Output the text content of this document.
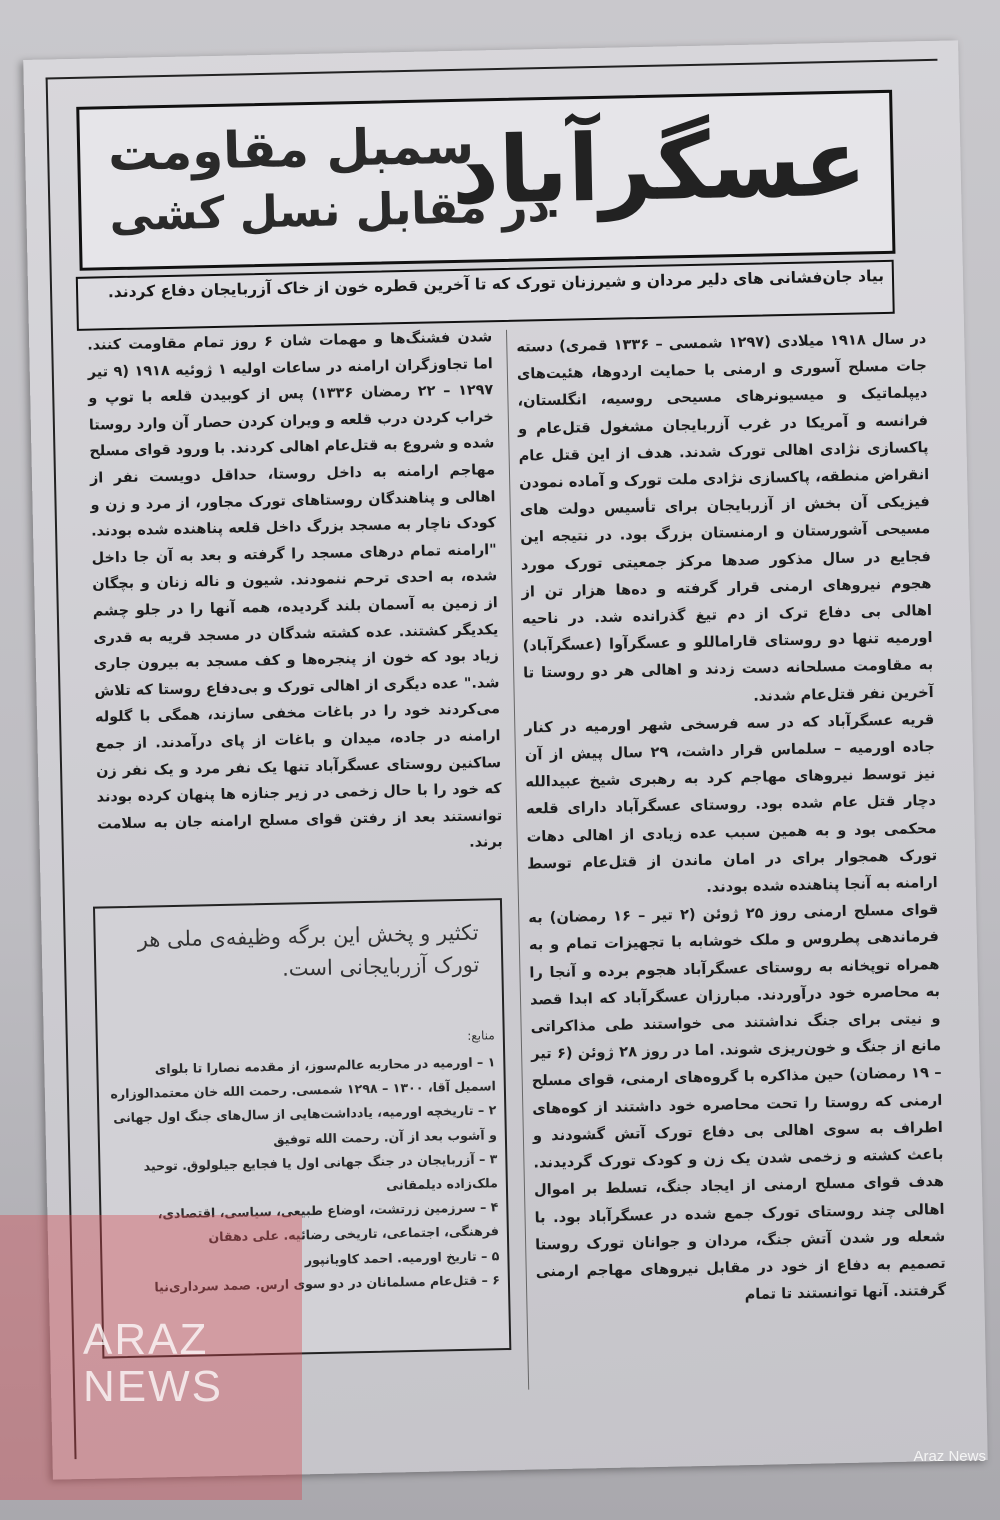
عسگرآباد
سمبل مقاومت
در مقابل نسل کشی
بیاد جان‌فشانی های دلیر مردان و شیرزنان تورک که تا آخرین قطره خون از خاک آزربایجان دفاع کردند.

در سال ۱۹۱۸ میلادی (۱۲۹۷ شمسی – ۱۳۳۶ قمری) دسته جات مسلح آسوری و ارمنی با حمایت اردوها، هئیت‌های دیپلماتیک و میسیونرهای مسیحی روسیه، انگلستان، فرانسه و آمریکا در غرب آزربایجان مشغول قتل‌عام و پاکسازی نژادی اهالی تورک شدند. هدف از این قتل عام انقراض منطقه، پاکسازی نژادی ملت تورک و آماده نمودن فیزیکی آن بخش از آزربایجان برای تأسیس دولت های مسیحی آشورستان و ارمنستان بزرگ بود. در نتیجه این فجایع در سال مذکور صدها مرکز جمعیتی تورک مورد هجوم نیروهای ارمنی قرار گرفته و ده‌ها هزار تن از اهالی بی دفاع ترک از دم تیغ گذرانده شد. در ناحیه اورمیه تنها دو روستای قاراماللو و عسگرآوا (عسگرآباد) به مقاومت مسلحانه دست زدند و اهالی هر دو روستا تا آخرین نفر قتل‌عام شدند.

قریه عسگرآباد که در سه فرسخی شهر اورمیه در کنار جاده اورمیه – سلماس قرار داشت، ۲۹ سال پیش از آن نیز توسط نیروهای مهاجم کرد به رهبری شیخ عبیدالله دچار قتل عام شده بود. روستای عسگرآباد دارای قلعه محکمی بود و به همین سبب عده زیادی از اهالی دهات تورک همجوار برای در امان ماندن از قتل‌عام توسط ارامنه به آنجا پناهنده شده بودند.

قوای مسلح ارمنی روز ۲۵ ژوئن (۲ تیر – ۱۶ رمضان) به فرماندهی پطروس و ملک خوشابه با تجهیزات تمام و به همراه توپخانه به روستای عسگرآباد هجوم برده و آنجا را به محاصره خود درآوردند. مبارزان عسگرآباد که ابدا قصد و نیتی برای جنگ نداشتند می خواستند طی مذاکراتی مانع از جنگ و خون‌ریزی شوند. اما در روز ۲۸ ژوئن (۶ تیر – ۱۹ رمضان) حین مذاکره با گروه‌های ارمنی، قوای مسلح ارمنی که روستا را تحت محاصره خود داشتند از کوه‌های اطراف به سوی اهالی بی دفاع تورک آتش گشودند و باعث کشته و زخمی شدن یک زن و کودک تورک گردیدند. هدف قوای مسلح ارمنی از ایجاد جنگ، تسلط بر اموال اهالی چند روستای تورک جمع شده در عسگرآباد بود. با شعله ور شدن آتش جنگ، مردان و جوانان تورک روستا تصمیم به دفاع از خود در مقابل نیروهای مهاجم ارمنی گرفتند. آنها توانستند تا تمام

شدن فشنگ‌ها و مهمات شان ۶ روز تمام مقاومت کنند. اما تجاوزگران ارامنه در ساعات اولیه ۱ ژوئیه ۱۹۱۸ (۹ تیر ۱۲۹۷ – ۲۲ رمضان ۱۳۳۶) پس از کوبیدن قلعه با توپ و خراب کردن درب قلعه و ویران کردن حصار آن وارد روستا شده و شروع به قتل‌عام اهالی کردند. با ورود قوای مسلح مهاجم ارامنه به داخل روستا، حداقل دویست نفر از اهالی و پناهندگان روستاهای تورک مجاور، از مرد و زن و کودک ناچار به مسجد بزرگ داخل قلعه پناهنده شده بودند. "ارامنه تمام درهای مسجد را گرفته و بعد به آن جا داخل شده، به احدی ترحم ننمودند. شیون و ناله زنان و بچگان از زمین به آسمان بلند گردیده، همه آنها را در جلو چشم یکدیگر کشتند. عده کشته شدگان در مسجد قریه به قدری زیاد بود که خون از پنجره‌ها و کف مسجد به بیرون جاری شد." عده دیگری از اهالی تورک و بی‌دفاع روستا که تلاش می‌کردند خود را در باغات مخفی سازند، همگی با گلوله ارامنه در جاده، میدان و باغات از پای درآمدند. از جمع ساکنین روستای عسگرآباد تنها یک نفر مرد و یک نفر زن که خود را با حال زخمی در زیر جنازه ها پنهان کرده بودند توانستند بعد از رفتن قوای مسلح ارامنه جان به سلامت برند.

تکثیر و پخش این برگه وظیفه‌ی ملی هر تورک آزربایجانی است.
منابع:
۱ – اورمیه در محاربه عالم‌سوز، از مقدمه نصارا تا بلوای اسمیل آقا، ۱۳۰۰ – ۱۲۹۸ شمسی. رحمت الله خان معتمدالوزاره
۲ – تاریخچه اورمیه، یادداشت‌هایی از سال‌های جنگ اول جهانی و آشوب بعد از آن. رحمت الله توفیق
۳ – آزربایجان در جنگ جهانی اول یا فجایع جیلولوق. توحید ملک‌زاده دیلمقانی
۴ – سرزمین زرتشت، اوضاع طبیعی، سیاسی، اقتصادی، فرهنگی، اجتماعی، تاریخی رضائیه. علی دهقان
۵ – تاریخ اورمیه. احمد کاویانپور
۶ – قتل‌عام مسلمانان در دو سوی ارس. صمد سرداری‌نیا
ARAZ
NEWS
Araz News
